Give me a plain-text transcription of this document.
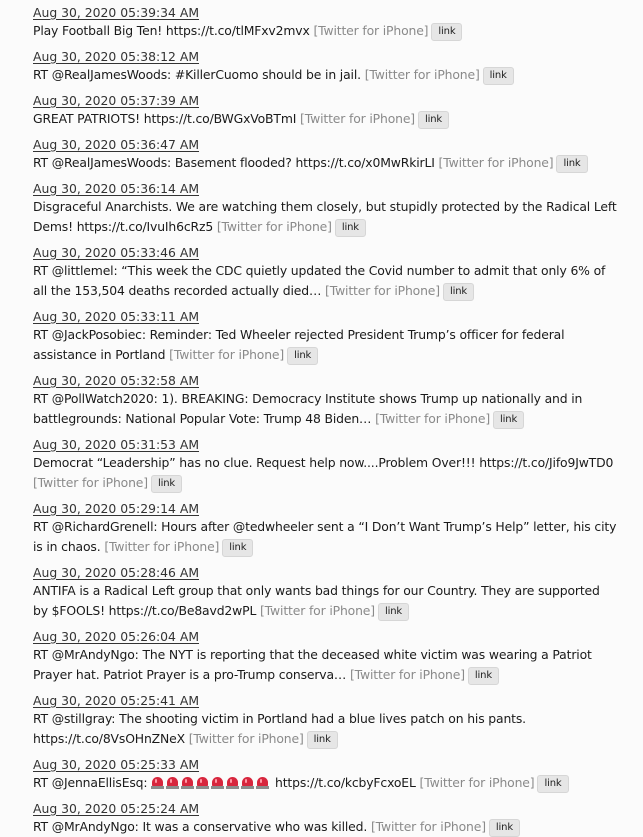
Aug 30, 2020 05:39:34 AM
Play Football Big Ten! https://t.co/tlMFxv2mvx [Twitter for iPhone] link
Aug 30, 2020 05:38:12 AM
RT @RealJamesWoods: #KillerCuomo should be in jail. [Twitter for iPhone] link
Aug 30, 2020 05:37:39 AM
GREAT PATRIOTS! https://t.co/BWGxVoBTmI [Twitter for iPhone] link
Aug 30, 2020 05:36:47 AM
RT @RealJamesWoods: Basement flooded? https://t.co/x0MwRkirLI [Twitter for iPhone] link
Aug 30, 2020 05:36:14 AM
Disgraceful Anarchists. We are watching them closely, but stupidly protected by the Radical Left Dems! https://t.co/IvuIh6cRz5 [Twitter for iPhone] link
Aug 30, 2020 05:33:46 AM
RT @littlemel: “This week the CDC quietly updated the Covid number to admit that only 6% of all the 153,504 deaths recorded actually died… [Twitter for iPhone] link
Aug 30, 2020 05:33:11 AM
RT @JackPosobiec: Reminder: Ted Wheeler rejected President Trump’s officer for federal assistance in Portland [Twitter for iPhone] link
Aug 30, 2020 05:32:58 AM
RT @PollWatch2020: 1). BREAKING: Democracy Institute shows Trump up nationally and in battlegrounds: National Popular Vote: Trump 48 Biden… [Twitter for iPhone] link
Aug 30, 2020 05:31:53 AM
Democrat “Leadership” has no clue. Request help now....Problem Over!!! https://t.co/Jifo9JwTD0 [Twitter for iPhone] link
Aug 30, 2020 05:29:14 AM
RT @RichardGrenell: Hours after @tedwheeler sent a “I Don’t Want Trump’s Help” letter, his city is in chaos. [Twitter for iPhone] link
Aug 30, 2020 05:28:46 AM
ANTIFA is a Radical Left group that only wants bad things for our Country. They are supported by $FOOLS! https://t.co/Be8avd2wPL [Twitter for iPhone] link
Aug 30, 2020 05:26:04 AM
RT @MrAndyNgo: The NYT is reporting that the deceased white victim was wearing a Patriot Prayer hat. Patriot Prayer is a pro-Trump conserva… [Twitter for iPhone] link
Aug 30, 2020 05:25:41 AM
RT @stillgray: The shooting victim in Portland had a blue lives patch on his pants. https://t.co/8VsOHnZNeX [Twitter for iPhone] link
Aug 30, 2020 05:25:33 AM
RT @JennaEllisEsq:	https://t.co/kcbyFcxoEL [Twitter for iPhone] link
Aug 30, 2020 05:25:24 AM
RT @MrAndyNgo: It was a conservative who was killed. [Twitter for iPhone] link
